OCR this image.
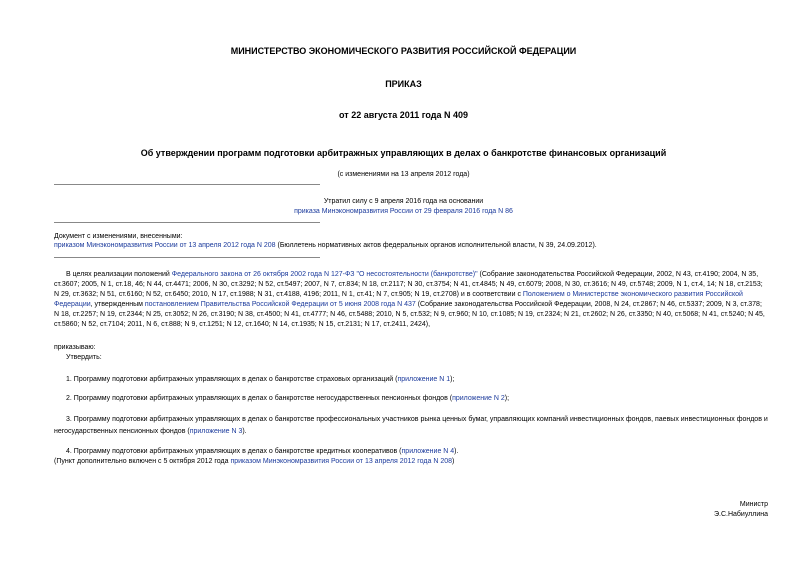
МИНИСТЕРСТВО ЭКОНОМИЧЕСКОГО РАЗВИТИЯ РОССИЙСКОЙ ФЕДЕРАЦИИ
ПРИКАЗ
от 22 августа 2011 года N 409
Об утверждении программ подготовки арбитражных управляющих в делах о банкротстве финансовых организаций
(с изменениями на 13 апреля 2012 года)
Утратил силу с 9 апреля 2016 года на основании
приказа Минэкономразвития России от 29 февраля 2016 года N 86
Документ с изменениями, внесенными:
приказом Минэкономразвития России от 13 апреля 2012 года N 208 (Бюллетень нормативных актов федеральных органов исполнительной власти, N 39, 24.09.2012).
В целях реализации положений Федерального закона от 26 октября 2002 года N 127-ФЗ "О несостоятельности (банкротстве)" (Собрание законодательства Российской Федерации, 2002, N 43, ст.4190; 2004, N 35, ст.3607; 2005, N 1, ст.18, 46; N 44, ст.4471; 2006, N 30, ст.3292; N 52, ст.5497; 2007, N 7, ст.834; N 18, ст.2117; N 30, ст.3754; N 41, ст.4845; N 49, ст.6079; 2008, N 30, ст.3616; N 49, ст.5748; 2009, N 1, ст.4, 14; N 18, ст.2153; N 29, ст.3632; N 51, ст.6160; N 52, ст.6450; 2010, N 17, ст.1988; N 31, ст.4188, 4196; 2011, N 1, ст.41; N 7, ст.905; N 19, ст.2708) и в соответствии с Положением о Министерстве экономического развития Российской Федерации, утвержденным постановлением Правительства Российской Федерации от 5 июня 2008 года N 437 (Собрание законодательства Российской Федерации, 2008, N 24, ст.2867; N 46, ст.5337; 2009, N 3, ст.378; N 18, ст.2257; N 19, ст.2344; N 25, ст.3052; N 26, ст.3190; N 38, ст.4500; N 41, ст.4777; N 46, ст.5488; 2010, N 5, ст.532; N 9, ст.960; N 10, ст.1085; N 19, ст.2324; N 21, ст.2602; N 26, ст.3350; N 40, ст.5068; N 41, ст.5240; N 45, ст.5860; N 52, ст.7104; 2011, N 6, ст.888; N 9, ст.1251; N 12, ст.1640; N 14, ст.1935; N 15, ст.2131; N 17, ст.2411, 2424),
приказываю:
Утвердить:
1. Программу подготовки арбитражных управляющих в делах о банкротстве страховых организаций (приложение N 1);
2. Программу подготовки арбитражных управляющих в делах о банкротстве негосударственных пенсионных фондов (приложение N 2);
3. Программу подготовки арбитражных управляющих в делах о банкротстве профессиональных участников рынка ценных бумаг, управляющих компаний инвестиционных фондов, паевых инвестиционных фондов и негосударственных пенсионных фондов (приложение N 3).
4. Программу подготовки арбитражных управляющих в делах о банкротстве кредитных кооперативов (приложение N 4).
(Пункт дополнительно включен с 5 октября 2012 года приказом Минэкономразвития России от 13 апреля 2012 года N 208)
Министр
Э.С.Набиуллина
